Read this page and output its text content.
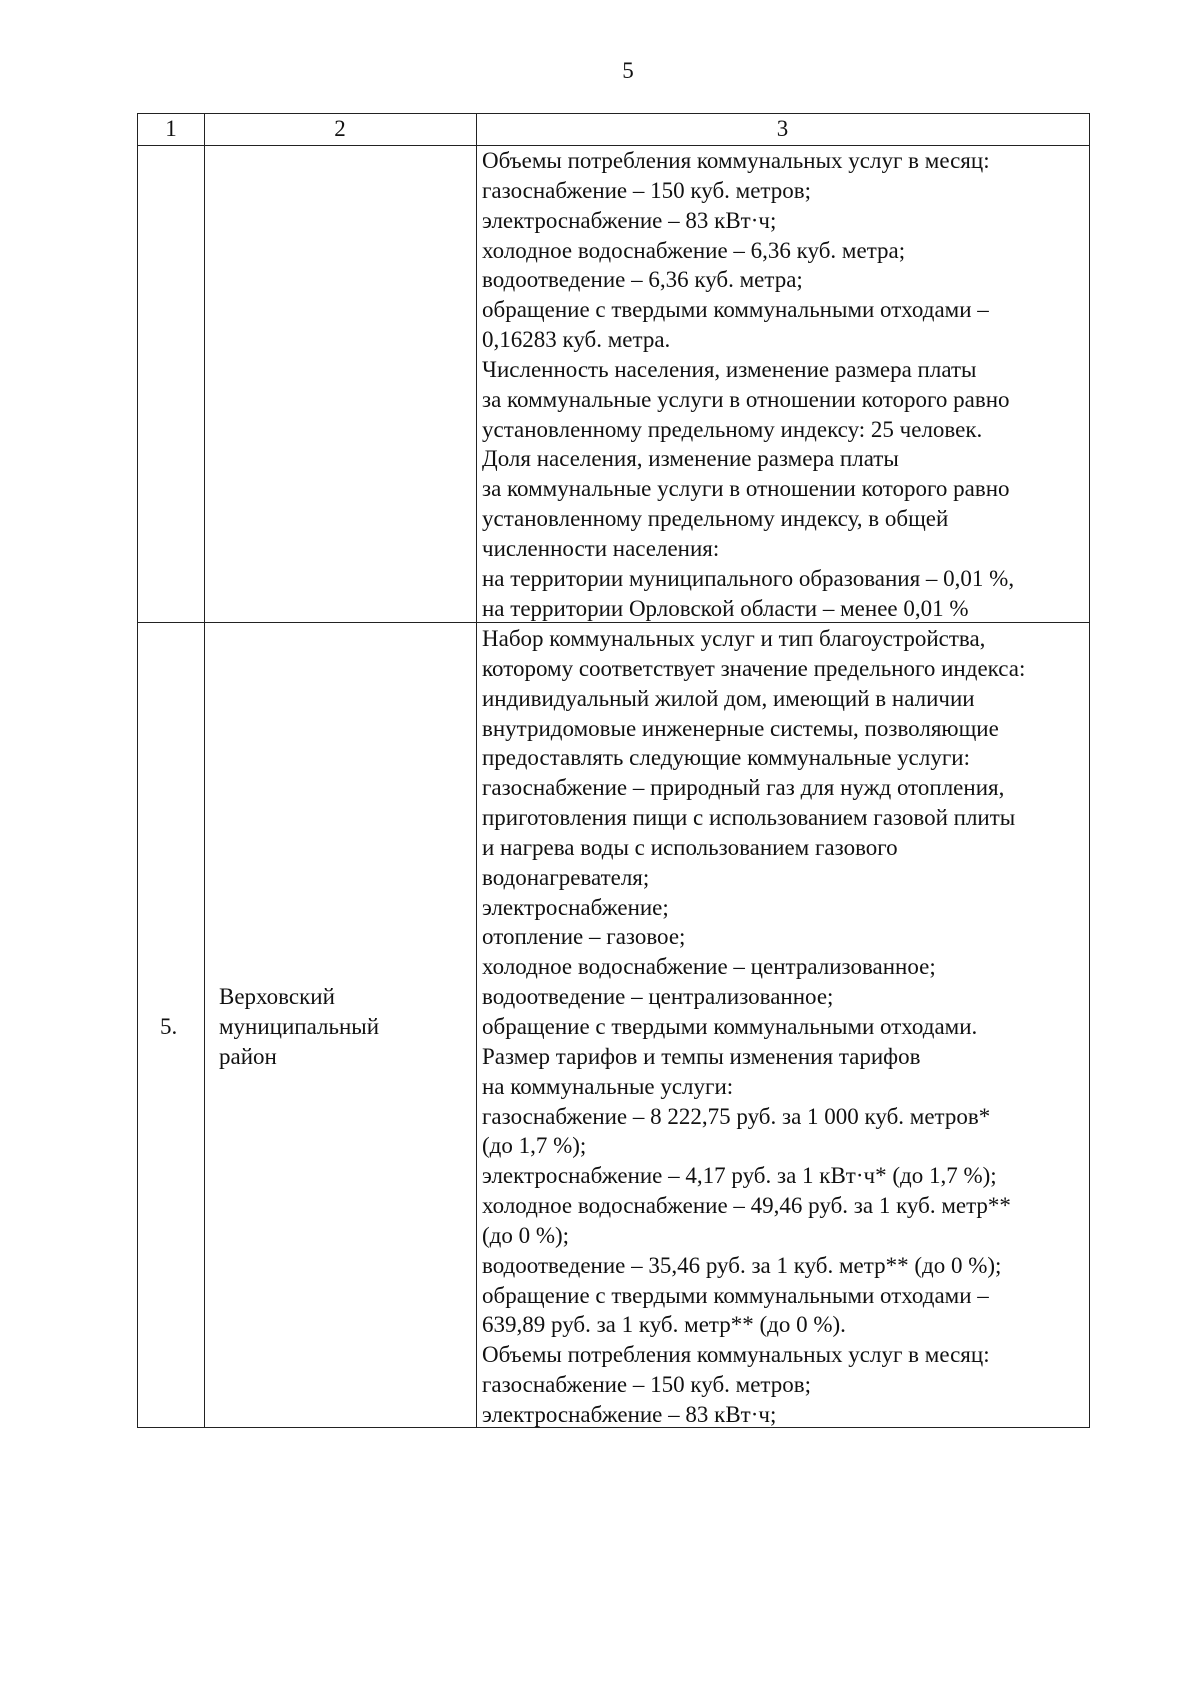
5
1	2	3
Объемы потребления коммунальных услуг в месяц:
газоснабжение – 150 куб. метров;
электроснабжение – 83 кВт·ч;
холодное водоснабжение – 6,36 куб. метра;
водоотведение – 6,36 куб. метра;
обращение с твердыми коммунальными отходами –
0,16283 куб. метра.
Численность населения, изменение размера платы
за коммунальные услуги в отношении которого равно
установленному предельному индексу: 25 человек.
Доля населения, изменение размера платы
за коммунальные услуги в отношении которого равно
установленному предельному индексу, в общей
численности населения:
на территории муниципального образования – 0,01 %,
на территории Орловской области – менее 0,01 %
5.
Верховский
муниципальный
район
Набор коммунальных услуг и тип благоустройства,
которому соответствует значение предельного индекса:
индивидуальный жилой дом, имеющий в наличии
внутридомовые инженерные системы, позволяющие
предоставлять следующие коммунальные услуги:
газоснабжение – природный газ для нужд отопления,
приготовления пищи с использованием газовой плиты
и нагрева воды с использованием газового
водонагревателя;
электроснабжение;
отопление – газовое;
холодное водоснабжение – централизованное;
водоотведение – централизованное;
обращение с твердыми коммунальными отходами.
Размер тарифов и темпы изменения тарифов
на коммунальные услуги:
газоснабжение – 8 222,75 руб. за 1 000 куб. метров*
(до 1,7 %);
электроснабжение – 4,17 руб. за 1 кВт·ч* (до 1,7 %);
холодное водоснабжение – 49,46 руб. за 1 куб. метр**
(до 0 %);
водоотведение – 35,46 руб. за 1 куб. метр** (до 0 %);
обращение с твердыми коммунальными отходами –
639,89 руб. за 1 куб. метр** (до 0 %).
Объемы потребления коммунальных услуг в месяц:
газоснабжение – 150 куб. метров;
электроснабжение – 83 кВт·ч;
